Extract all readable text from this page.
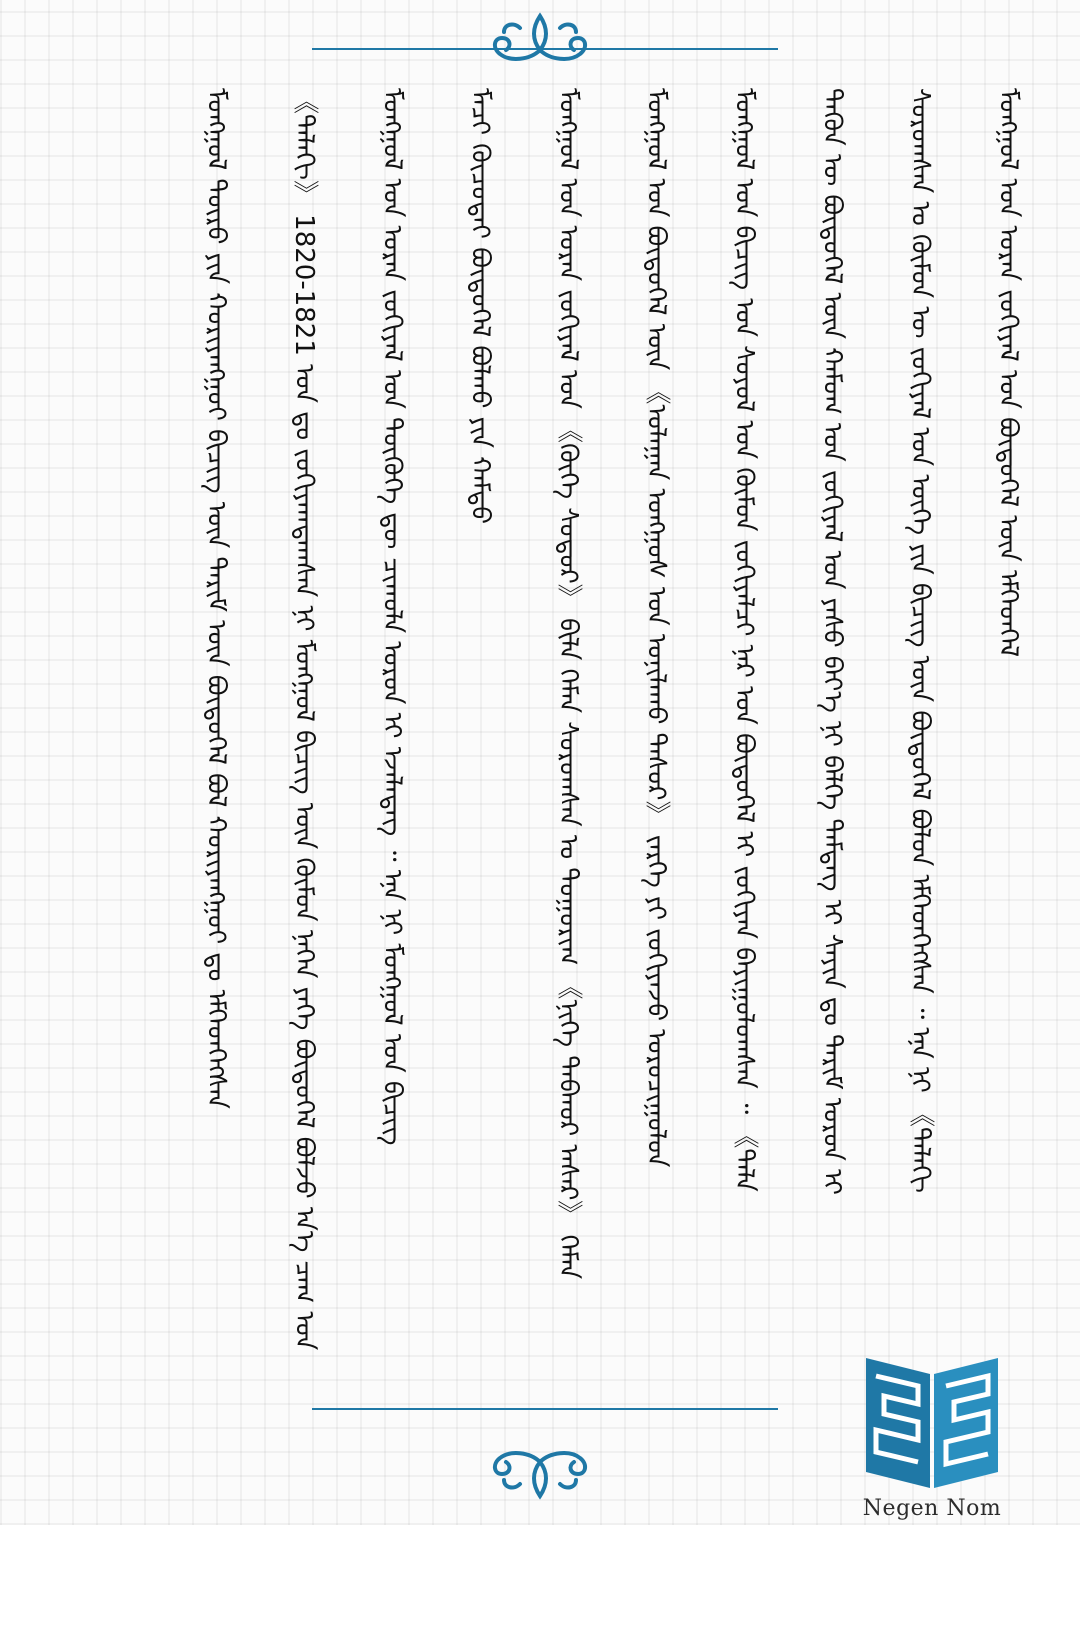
ᠮᠣᠩᠭᠣᠯ ᠲᠥᠷᠥ ᠶᠢᠨ ᠬᠤᠷᠢᠶᠠᠩᠭᠤᠢ ᠪᠢᠴᠢᠭ ᠦᠨ ᠲᠠᠷᠢᠮ ᠦᠨ ᠪᠦᠲᠦᠭᠡᠯ ᠪᠣᠯ ᠬᠤᠷᠢᠶᠠᠩᠭᠤᠢ ᠳᠤ ᠡᠮᠬᠡᠳᠬᠡᠭᠰᠡᠨ	《ᠲᠠᠯᠠᠬᠢ》 1820-1821 ᠣᠨ ᠳᠤ ᠵᠣᠬᠢᠶᠠᠭᠳᠠᠭᠰᠠᠨ ᠨᠢ ᠮᠣᠩᠭᠣᠯ ᠪᠢᠴᠢᠭ ᠦᠨ ᠬᠦᠮᠦᠨ ᠨᠡᠭᠡᠨ ᠶᠡᠬᠡ ᠪᠦᠲᠦᠭᠡᠯ ᠪᠣᠯᠵᠤ ᠡᠨ᠎ᠡ ᠴᠠᠭ ᠤᠨ	ᠮᠣᠩᠭᠣᠯ ᠤᠨ ᠤᠷᠠᠨ ᠵᠣᠬᠢᠶᠠᠯ ᠤᠨ ᠲᠦᠭᠦᠬᠡ ᠳᠦ ᠴᠢᠬᠤᠯᠠ ᠣᠷᠤᠨ ᠢ ᠡᠵᠡᠯᠡᠳᠡᠭ ᠃ ᠡᠨᠡ ᠨᠢ ᠮᠣᠩᠭᠣᠯ ᠤᠨ ᠪᠢᠴᠢᠭ	ᠮᠠᠴᠢ ᠬᠦᠴᠦᠲᠡᠢ ᠪᠦᠲᠦᠭᠡᠯ ᠪᠣᠯᠬᠤ ᠶᠢᠨ ᠬᠠᠮᠲᠤ	ᠮᠣᠩᠭᠣᠯ ᠤᠨ ᠤᠷᠠᠨ ᠵᠣᠬᠢᠶᠠᠯ ᠤᠨ 《ᠬᠦᠬᠡ ᠰᠤᠳᠤᠷ》 ᠪᠢᠯᠡ ᠬᠡᠮᠡᠨ ᠰᠤᠷᠤᠭᠰᠠᠨ ᠤ ᠲᠤᠭᠤᠷᠢᠭ 《ᠨᠢᠭᠡ ᠳᠠᠪᠬᠤᠷ ᠠᠰᠠᠷ》 ᠬᠡᠮᠡᠨ	ᠮᠣᠩᠭᠣᠯ ᠤᠨ ᠪᠦᠲᠦᠭᠡᠯ ᠦᠨ 《ᠤᠯᠠᠭᠠᠨ ᠤᠩᠭᠤᠰ ᠤᠨ ᠤᠨᠢᠯᠠᠬᠤ ᠲᠠᠰᠤᠷ》 ᠵᠡᠷᠭᠡ ᠶᠢ ᠵᠣᠬᠢᠶᠠᠵᠤ ᠣᠷᠤᠴᠢᠭᠤᠯᠤᠨ	ᠮᠣᠩᠭᠣᠯ ᠤᠨ ᠪᠢᠴᠢᠭ ᠤᠨ ᠰᠣᠶᠣᠯ ᠤᠨ ᠬᠦᠮᠦᠨ ᠵᠣᠬᠢᠶᠠᠯᠴᠢ ᠨᠠᠷ ᠤᠨ ᠪᠦᠲᠦᠭᠡᠯ ᠢ ᠵᠣᠬᠢᠶᠠᠨ ᠪᠠᠶᠢᠭᠤᠯᠤᠭᠰᠠᠨ ᠃ 《ᠲᠠᠯᠠ	ᠲᠡᠭᠦᠨ ᠦ ᠪᠦᠲᠦᠭᠡᠯ ᠦᠨ ᠬᠠᠮᠤᠭ ᠤᠨ ᠵᠣᠬᠢᠶᠠᠯ ᠤᠨ ᠶᠠᠰᠤ ᠪᠡᠶ᠎ᠡ ᠨᠢ ᠪᠡᠯᠭᠡ ᠳᠡᠮᠳᠡᠭ ᠢ ᠰᠠᠶᠢᠨ ᠳᠤ ᠲᠠᠷᠢᠮ ᠣᠷᠤᠨ ᠢ	ᠰᠤᠷᠤᠭᠰᠠᠨ ᠤ ᠬᠦᠮᠦᠨ ᠦ ᠵᠣᠬᠢᠶᠠᠯ ᠤᠨ ᠦᠭᠡ ᠶᠢᠨ ᠪᠢᠴᠢᠭ ᠦᠨ ᠪᠦᠲᠦᠭᠡᠯ ᠪᠣᠯᠤᠨ ᠡᠮᠬᠡᠳᠬᠡᠭᠰᠡᠨ ᠃ ᠡᠨᠡ ᠨᠢ 《ᠲᠠᠯᠠᠬᠢ	ᠮᠣᠩᠭᠣᠯ ᠤᠨ ᠤᠷᠠᠨ ᠵᠣᠬᠢᠶᠠᠯ ᠤᠨ ᠪᠦᠲᠦᠭᠡᠯ ᠦᠨ ᠡᠮᠬᠡᠳᠬᠡᠯ

Negen Nom
